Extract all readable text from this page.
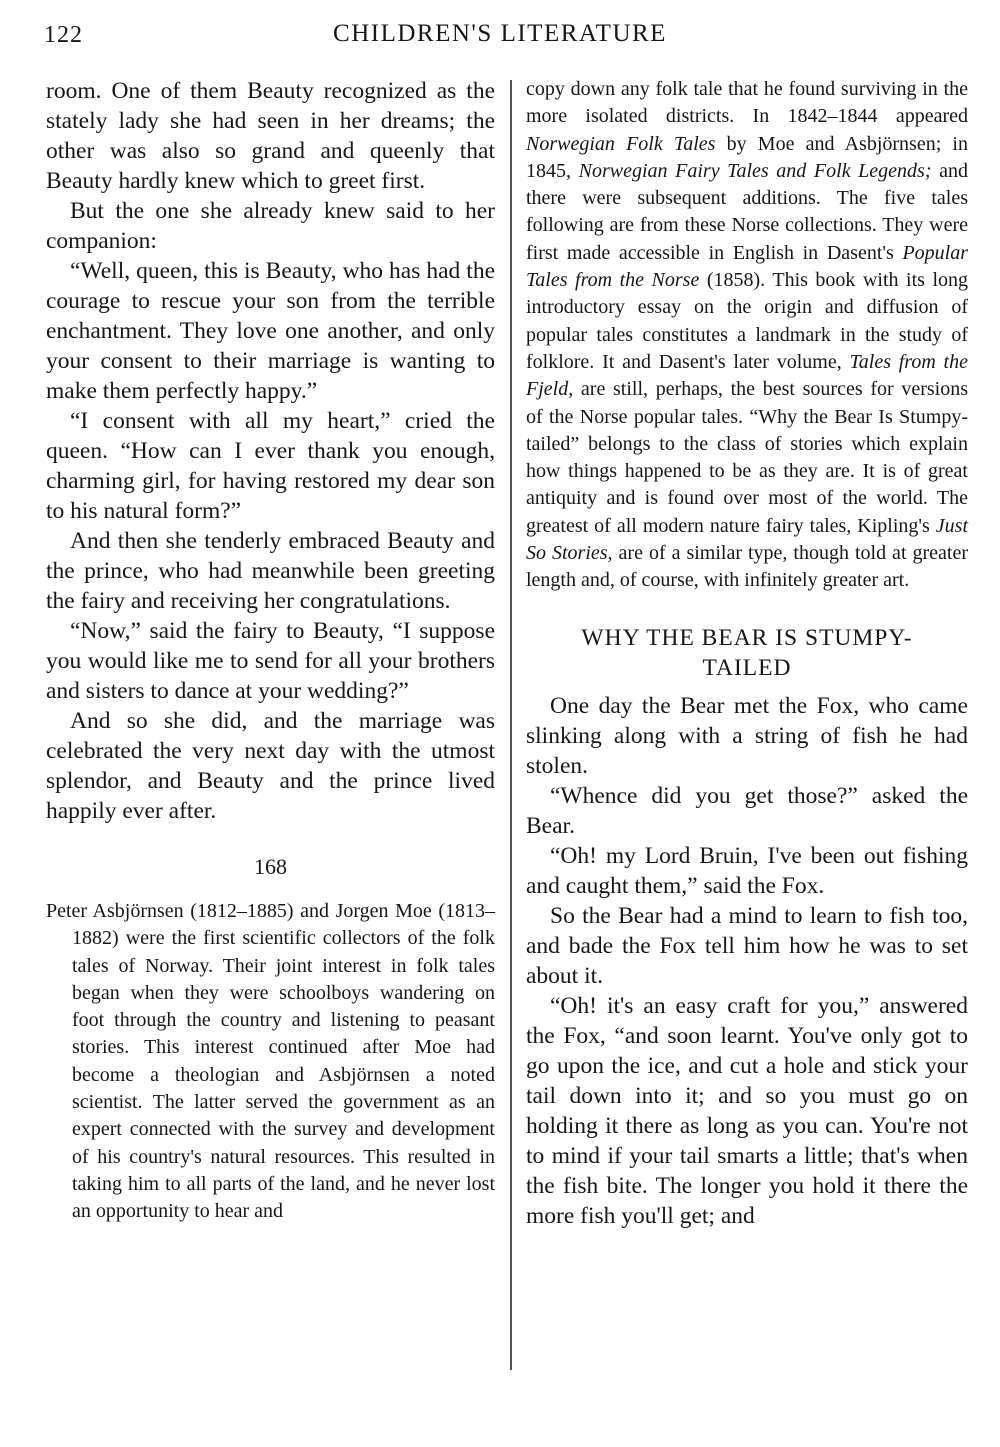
122	CHILDREN'S LITERATURE

room. One of them Beauty recognized as the stately lady she had seen in her dreams; the other was also so grand and queenly that Beauty hardly knew which to greet first.

But the one she already knew said to her companion:

“Well, queen, this is Beauty, who has had the courage to rescue your son from the terrible enchantment. They love one another, and only your consent to their marriage is wanting to make them perfectly happy.”

“I consent with all my heart,” cried the queen. “How can I ever thank you enough, charming girl, for having restored my dear son to his natural form?”

And then she tenderly embraced Beauty and the prince, who had meanwhile been greeting the fairy and receiving her congratulations.

“Now,” said the fairy to Beauty, “I suppose you would like me to send for all your brothers and sisters to dance at your wedding?”

And so she did, and the marriage was celebrated the very next day with the utmost splendor, and Beauty and the prince lived happily ever after.

168

Peter Asbjörnsen (1812–1885) and Jorgen Moe (1813–1882) were the first scientific collectors of the folk tales of Norway. Their joint interest in folk tales began when they were schoolboys wandering on foot through the country and listening to peasant stories. This interest continued after Moe had become a theologian and Asbjörnsen a noted scientist. The latter served the government as an expert connected with the survey and development of his country's natural resources. This resulted in taking him to all parts of the land, and he never lost an opportunity to hear and

copy down any folk tale that he found surviving in the more isolated districts. In 1842–1844 appeared Norwegian Folk Tales by Moe and Asbjörnsen; in 1845, Norwegian Fairy Tales and Folk Legends; and there were subsequent additions. The five tales following are from these Norse collections. They were first made accessible in English in Dasent's Popular Tales from the Norse (1858). This book with its long introductory essay on the origin and diffusion of popular tales constitutes a landmark in the study of folklore. It and Dasent's later volume, Tales from the Fjeld, are still, perhaps, the best sources for versions of the Norse popular tales. “Why the Bear Is Stumpy-tailed” belongs to the class of stories which explain how things happened to be as they are. It is of great antiquity and is found over most of the world. The greatest of all modern nature fairy tales, Kipling's Just So Stories, are of a similar type, though told at greater length and, of course, with infinitely greater art.

WHY THE BEAR IS STUMPY-
TAILED

One day the Bear met the Fox, who came slinking along with a string of fish he had stolen.

“Whence did you get those?” asked the Bear.

“Oh! my Lord Bruin, I've been out fishing and caught them,” said the Fox.

So the Bear had a mind to learn to fish too, and bade the Fox tell him how he was to set about it.

“Oh! it's an easy craft for you,” answered the Fox, “and soon learnt. You've only got to go upon the ice, and cut a hole and stick your tail down into it; and so you must go on holding it there as long as you can. You're not to mind if your tail smarts a little; that's when the fish bite. The longer you hold it there the more fish you'll get; and
